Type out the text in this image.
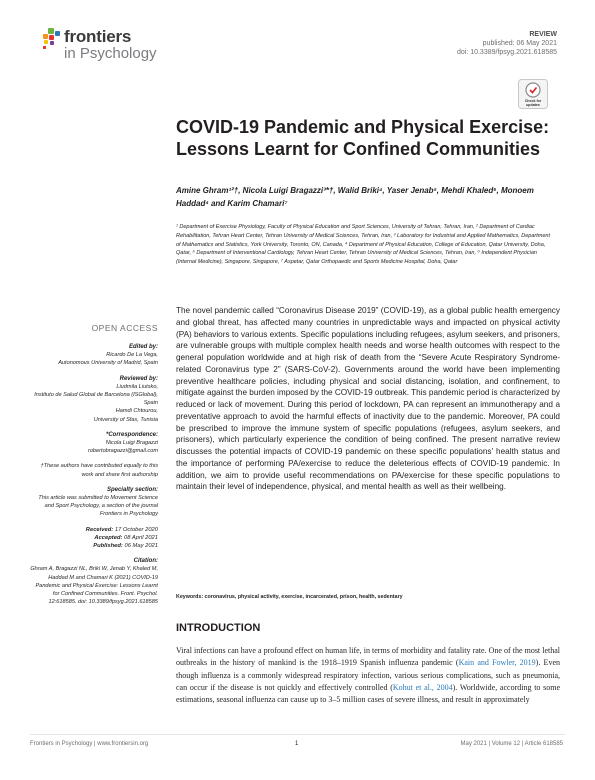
frontiers
in Psychology
REVIEW
published: 06 May 2021
doi: 10.3389/fpsyg.2021.618585
Check for
updates
COVID-19 Pandemic and Physical Exercise: Lessons Learnt for Confined Communities
Amine Ghram¹²†, Nicola Luigi Bragazzi³*†, Walid Briki⁴, Yaser Jenab⁵, Mehdi Khaled⁶, Monoem Haddad⁴ and Karim Chamari⁷
¹ Department of Exercise Physiology, Faculty of Physical Education and Sport Sciences, University of Tehran, Tehran, Iran, ² Department of Cardiac Rehabilitation, Tehran Heart Center, Tehran University of Medical Sciences, Tehran, Iran, ³ Laboratory for Industrial and Applied Mathematics, Department of Mathematics and Statistics, York University, Toronto, ON, Canada, ⁴ Department of Physical Education, College of Education, Qatar University, Doha, Qatar, ⁵ Department of Interventional Cardiology, Tehran Heart Center, Tehran University of Medical Sciences, Tehran, Iran, ⁶ Independent Physician (Internal Medicine), Singapore, Singapore, ⁷ Aspetar, Qatar Orthopaedic and Sports Medicine Hospital, Doha, Qatar
The novel pandemic called “Coronavirus Disease 2019” (COVID-19), as a global public health emergency and global threat, has affected many countries in unpredictable ways and impacted on physical activity (PA) behaviors to various extents. Specific populations including refugees, asylum seekers, and prisoners, are vulnerable groups with multiple complex health needs and worse health outcomes with respect to the general population worldwide and at high risk of death from the “Severe Acute Respiratory Syndrome-related Coronavirus type 2” (SARS-CoV-2). Governments around the world have been implementing preventive healthcare policies, including physical and social distancing, isolation, and confinement, to mitigate against the burden imposed by the COVID-19 outbreak. This pandemic period is characterized by reduced or lack of movement. During this period of lockdown, PA can represent an immunotherapy and a preventative approach to avoid the harmful effects of inactivity due to the pandemic. Moreover, PA could be prescribed to improve the immune system of specific populations (refugees, asylum seekers, and prisoners), which particularly experience the condition of being confined. The present narrative review discusses the potential impacts of COVID-19 pandemic on these specific populations’ health status and the importance of performing PA/exercise to reduce the deleterious effects of COVID-19 pandemic. In addition, we aim to provide useful recommendations on PA/exercise for these specific populations to maintain their level of independence, physical, and mental health as well as their wellbeing.
Keywords: coronavirus, physical activity, exercise, incarcerated, prison, health, sedentary
INTRODUCTION
Viral infections can have a profound effect on human life, in terms of morbidity and fatality rate. One of the most lethal outbreaks in the history of mankind is the 1918–1919 Spanish influenza pandemic (Kain and Fowler, 2019). Even though influenza is a commonly widespread respiratory infection, various serious complications, such as pneumonia, can occur if the disease is not quickly and effectively controlled (Kohut et al., 2004). Worldwide, according to some estimations, seasonal influenza can cause up to 3–5 million cases of severe illness, and result in approximately
OPEN ACCESS
Edited by:
Ricardo De La Vega,
Autonomous University of Madrid, Spain
Reviewed by:
Liudmila Liutsko,
Instituto de Salud Global de Barcelona (ISGlobal), Spain
Hamdi Chtourou,
University of Sfax, Tunisia
*Correspondence:
Nicola Luigi Bragazzi
robertobragazzi@gmail.com
†These authors have contributed equally to this work and share first authorship
Specialty section:
This article was submitted to Movement Science and Sport Psychology, a section of the journal Frontiers in Psychology
Received: 17 October 2020
Accepted: 08 April 2021
Published: 06 May 2021
Citation:
Ghram A, Bragazzi NL, Briki W, Jenab Y, Khaled M, Haddad M and Chamari K (2021) COVID-19 Pandemic and Physical Exercise: Lessons Learnt for Confined Communities. Front. Psychol. 12:618585. doi: 10.3389/fpsyg.2021.618585
Frontiers in Psychology | www.frontiersin.org	1	May 2021 | Volume 12 | Article 618585
